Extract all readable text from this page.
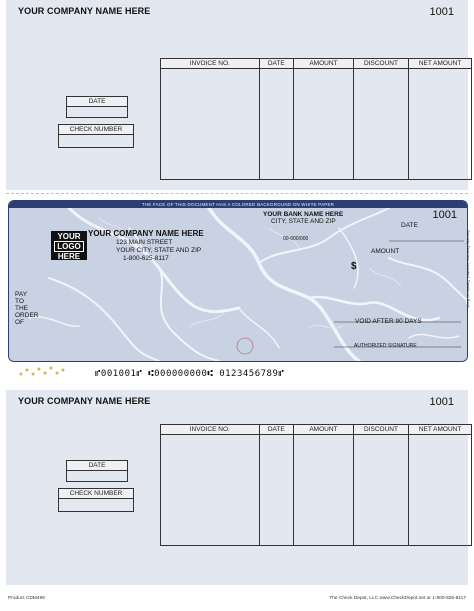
YOUR COMPANY NAME HERE	1001
DATE
CHECK NUMBER
INVOICE NO.	DATE	AMOUNT	DISCOUNT	NET AMOUNT

THE FACE OF THIS DOCUMENT HAS A COLORED BACKGROUND ON WHITE PAPER
1001
YOUR
LOGO
HERE
YOUR COMPANY NAME HERE
123 MAIN STREET
YOUR CITY, STATE AND ZIP
1-800-625-8117
YOUR BANK NAME HERE
CITY, STATE AND ZIP
00-000/000
DATE
AMOUNT
$
PAY
TO
THE
ORDER
OF	VOID AFTER 90 DAYS
AUTHORIZED SIGNATURE
Security Features Included. Details on Back.
⑈001001⑈ ⑆000000000⑆ 0123456789⑈
YOUR COMPANY NAME HERE	1001
DATE
CHECK NUMBER
INVOICE NO.	DATE	AMOUNT	DISCOUNT	NET AMOUNT

Product CDM499	The Check Depot, LLC www.CheckDepot.net or 1-800-625-8117
